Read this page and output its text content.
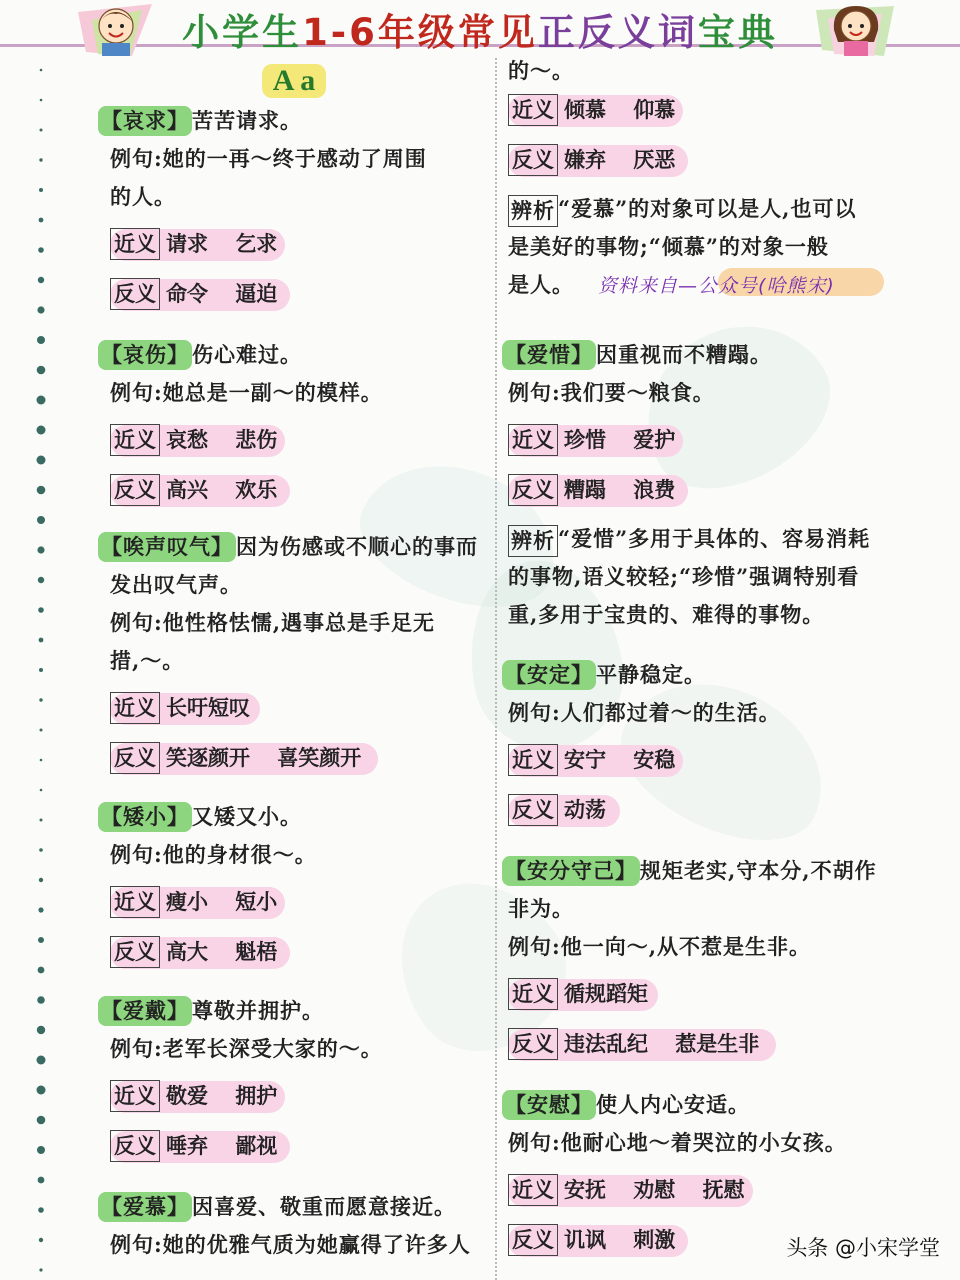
小学生1-6年级常见正反义词宝典
A a
【哀求】 苦苦请求。
例句:她的一再～终于感动了周围
的人。
近义 请求 乞求
反义 命令 逼迫
【哀伤】 伤心难过。
例句:她总是一副～的模样。
近义 哀愁 悲伤
反义 高兴 欢乐
【唉声叹气】 因为伤感或不顺心的事而
发出叹气声。
例句:他性格怯懦,遇事总是手足无
措,～。
近义 长吁短叹
反义 笑逐颜开 喜笑颜开
【矮小】 又矮又小。
例句:他的身材很～。
近义 瘦小 短小
反义 高大 魁梧
【爱戴】 尊敬并拥护。
例句:老军长深受大家的～。
近义 敬爱 拥护
反义 唾弃 鄙视
【爱慕】 因喜爱、敬重而愿意接近。
例句:她的优雅气质为她赢得了许多人
的～。
近义 倾慕 仰慕
反义 嫌弃 厌恶
辨析 “爱慕”的对象可以是人,也可以
是美好的事物;“倾慕”的对象一般
是人。 资料来自—公众号(哈熊宋)
【爱惜】 因重视而不糟蹋。
例句:我们要～粮食。
近义 珍惜 爱护
反义 糟蹋 浪费
辨析 “爱惜”多用于具体的、容易消耗
的事物,语义较轻;“珍惜”强调特别看
重,多用于宝贵的、难得的事物。
【安定】 平静稳定。
例句:人们都过着～的生活。
近义 安宁 安稳
反义 动荡
【安分守己】 规矩老实,守本分,不胡作
非为。
例句:他一向～,从不惹是生非。
近义 循规蹈矩
反义 违法乱纪 惹是生非
【安慰】 使人内心安适。
例句:他耐心地～着哭泣的小女孩。
近义 安抚 劝慰 抚慰
反义 讥讽 刺激	头条 @小宋学堂
